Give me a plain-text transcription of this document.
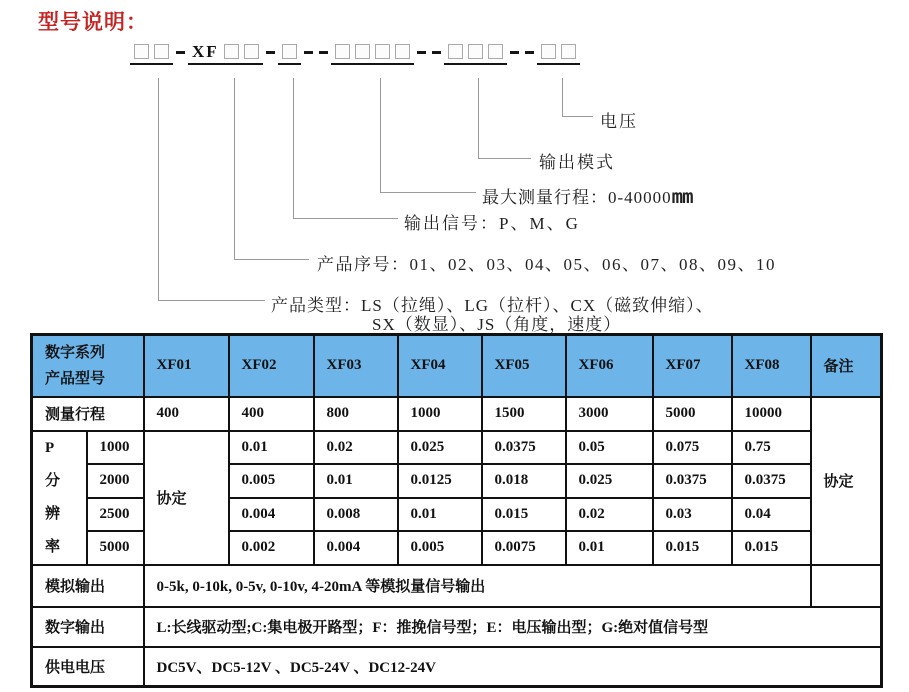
型号说明：
XF
电压
输出模式
最大测量行程：0-40000mm
输出信号：P、M、G
产品序号：01、02、03、04、05、06、07、08、09、10
产品类型：LS（拉绳）、LG（拉杆）、CX（磁致伸缩）、
SX（数显）、JS（角度，速度）
数字系列
产品型号		XF01	XF02	XF03	XF04	XF05	XF06	XF07	XF08	备注
测量行程		400	400	800	1000	1500	3000	5000	10000	协定

P
分
辨
率	1000	协定	0.01	0.02	0.025	0.0375	0.05	0.075	0.75	
	2000		0.005	0.01	0.0125	0.018	0.025	0.0375	0.0375	
	2500		0.004	0.008	0.01	0.015	0.02	0.03	0.04	
	5000		0.002	0.004	0.005	0.0075	0.01	0.015	0.015	
模拟输出		0-5k, 0-10k, 0-5v, 0-10v, 4-20mA 等模拟量信号输出								
数字输出		L:长线驱动型;C:集电极开路型；F：推挽信号型；E：电压输出型；G:绝对值信号型								
供电电压		DC5V、DC5-12V 、DC5-24V 、DC12-24V								
